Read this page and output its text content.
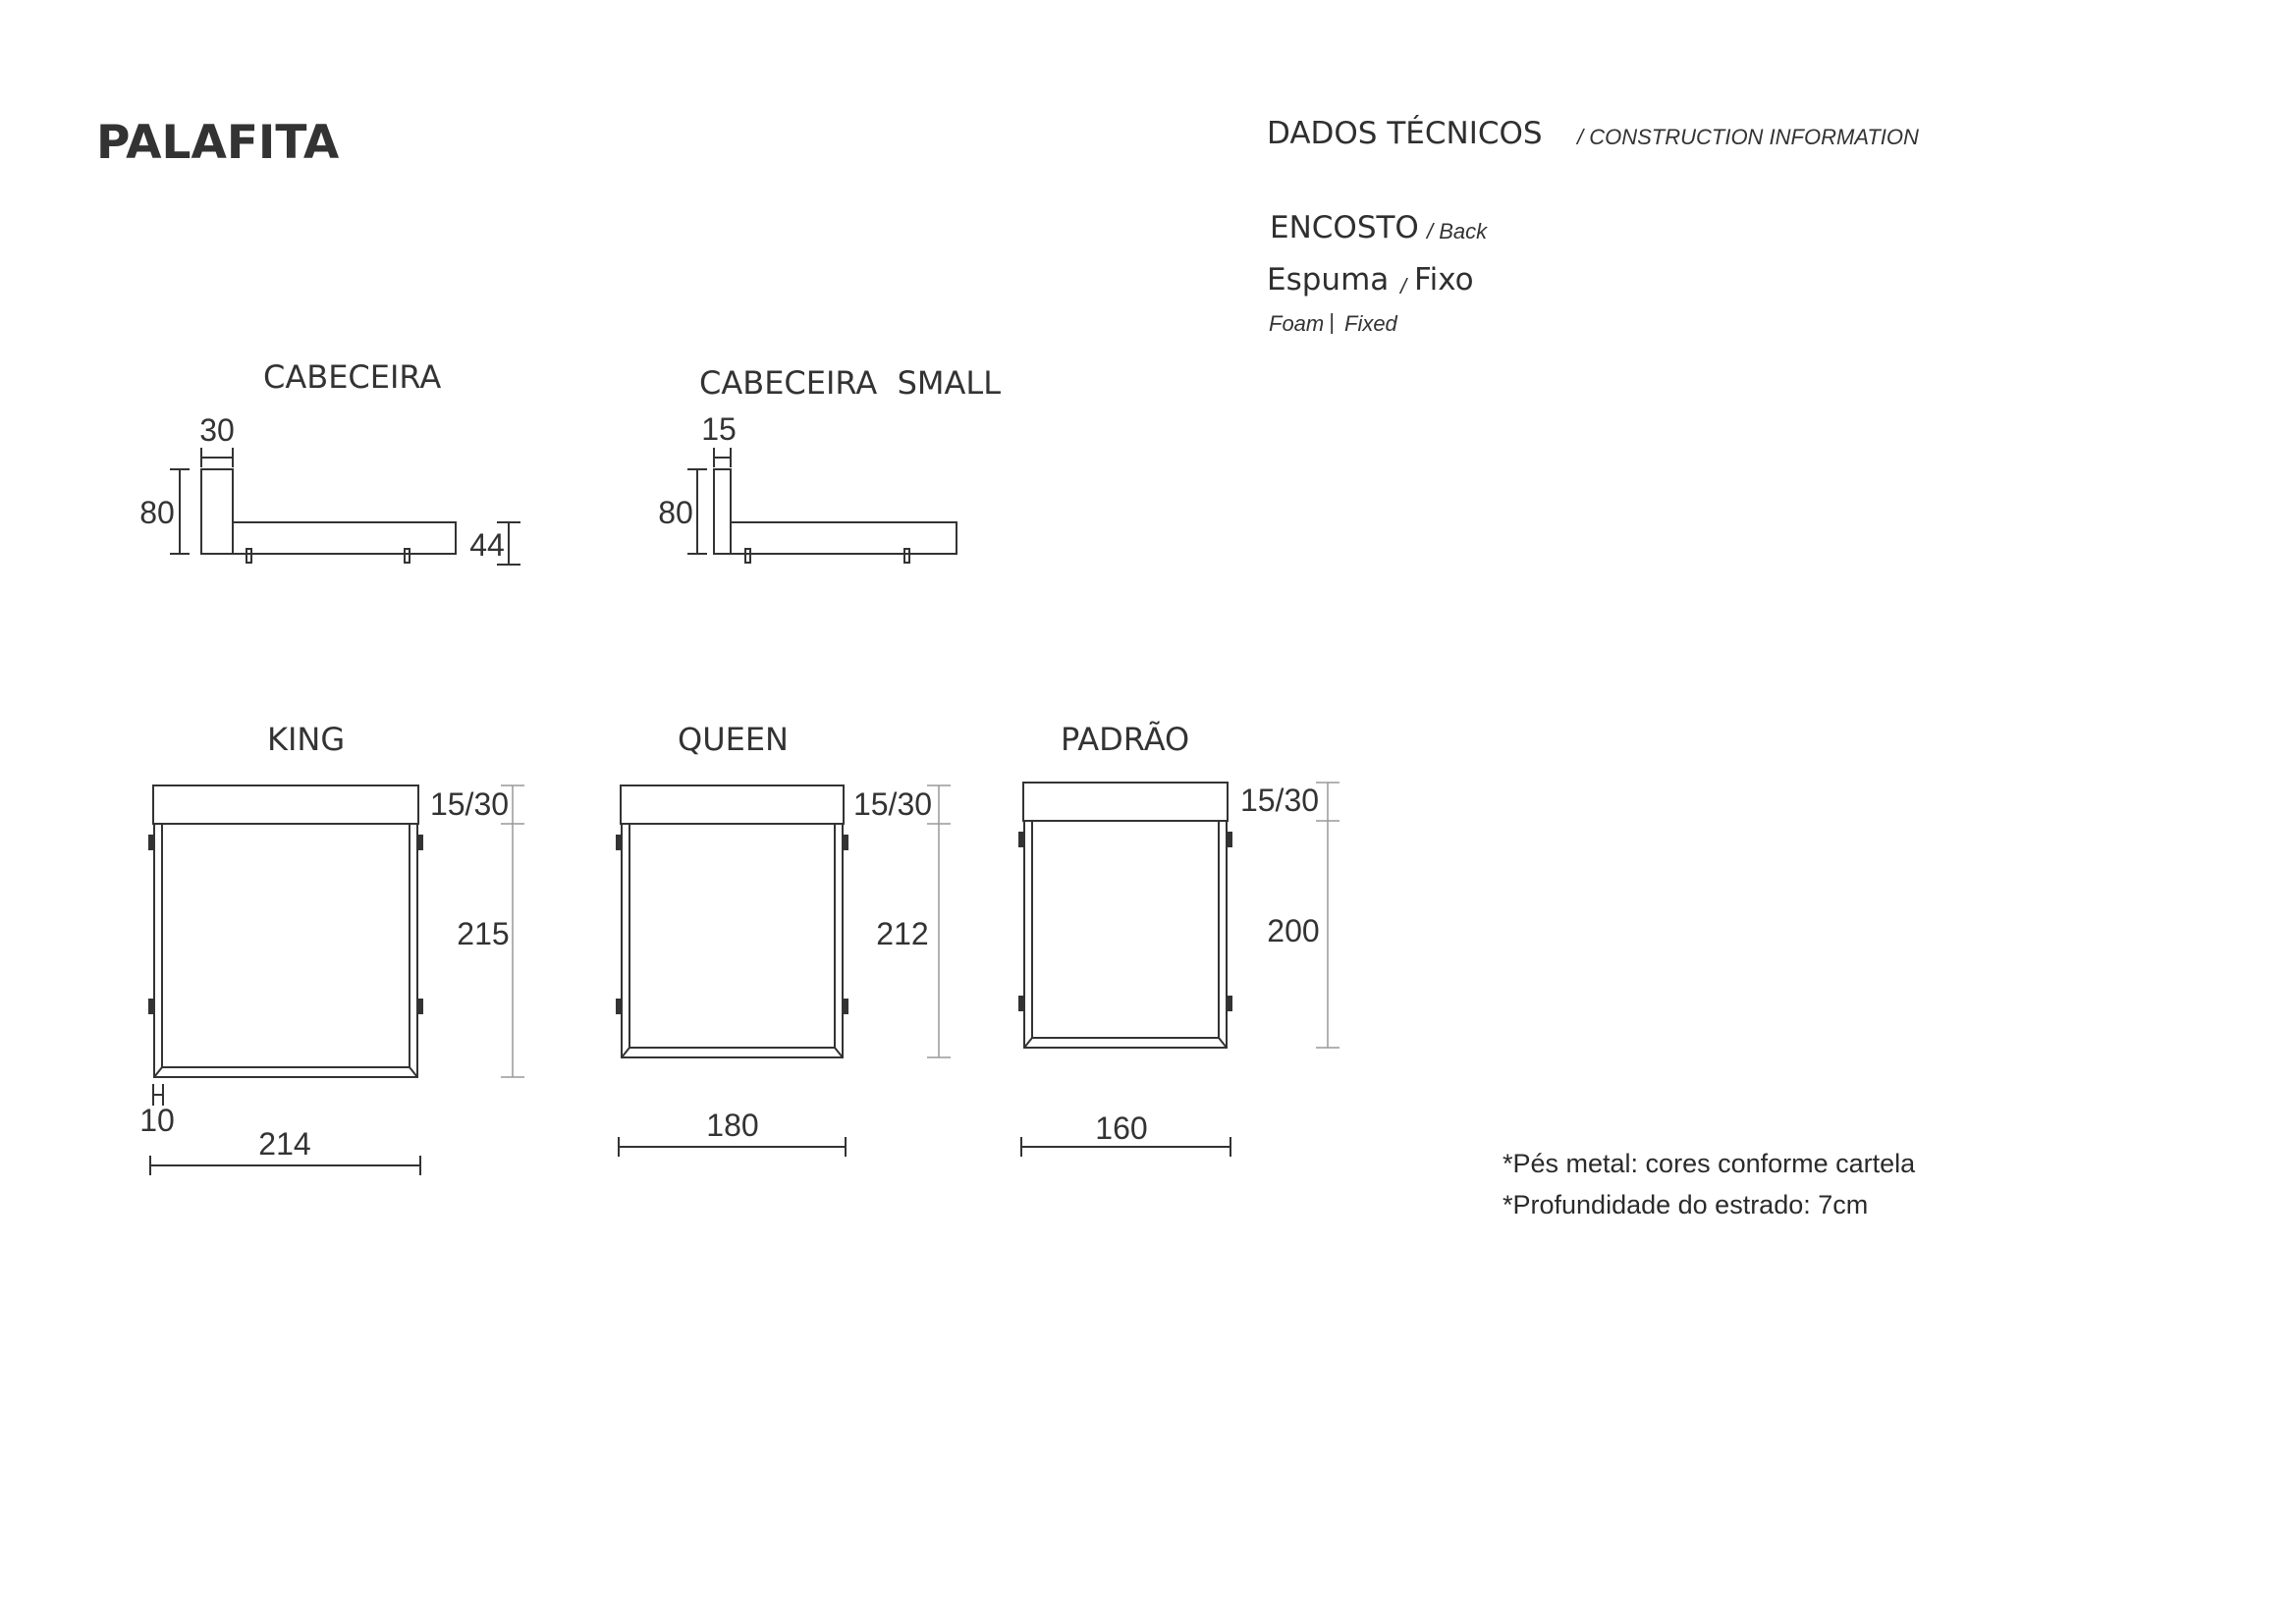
PALAFITA	DADOS TÉCNICOS / CONSTRUCTION INFORMATION
ENCOSTO / Back
Espuma / Fixo
Foam | Fixed
CABECEIRA	CABECEIRA  SMALL
KING	QUEEN	PADRÃO
*Pés metal: cores conforme cartela
*Profundidade do estrado: 7cm
30
80
44
15
80
15/30
215
10
214
15/30
212
180
15/30
200
160
